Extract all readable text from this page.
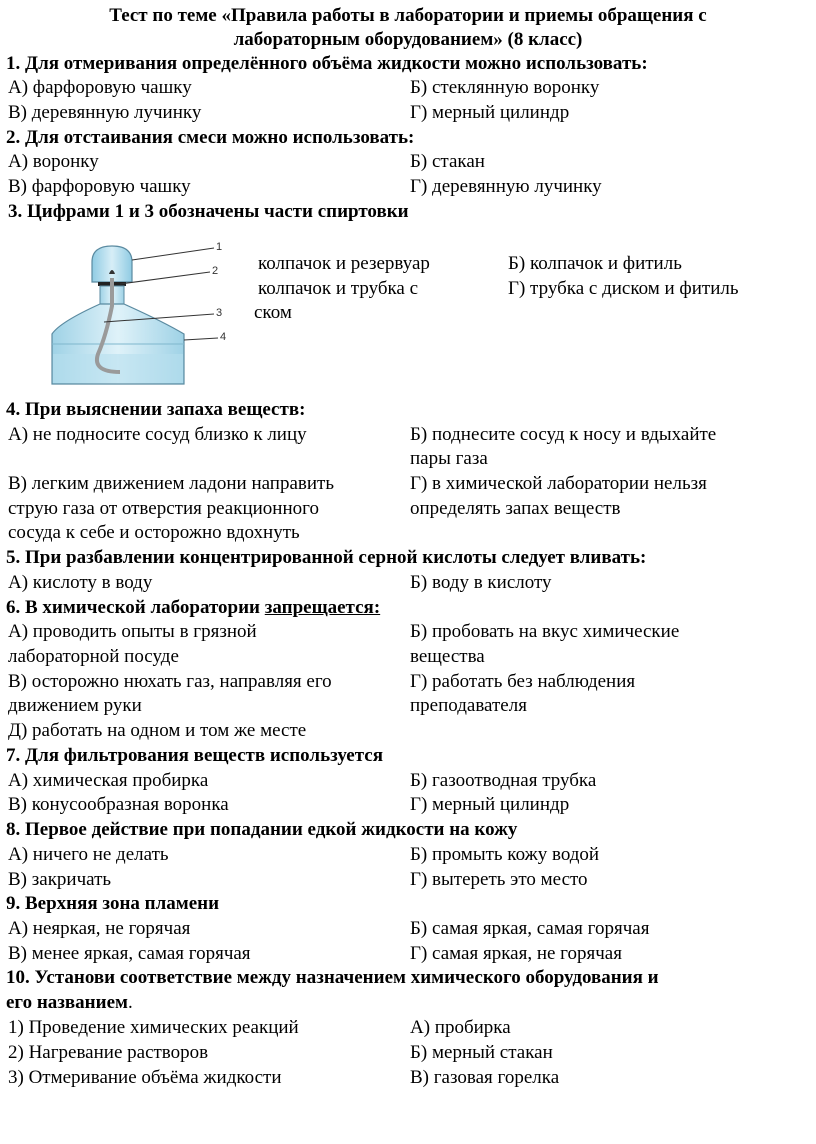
Тест по теме «Правила работы в лаборатории и приемы обращения с
лабораторным оборудованием» (8 класс)
1. Для отмеривания определённого объёма жидкости можно использовать:
А) фарфоровую чашку	Б) стеклянную воронку
В) деревянную лучинку	Г) мерный цилиндр
2. Для отстаивания смеси можно использовать:
А) воронку	Б) стакан
В) фарфоровую чашку	Г) деревянную лучинку
3. Цифрами 1 и 3 обозначены части спиртовки
1
2
3
4
колпачок и резервуар	Б) колпачок и фитиль
колпачок и трубка с	Г) трубка с диском и фитиль
ском
4. При выяснении запаха веществ:
А) не подносите сосуд близко к лицу	Б) поднесите сосуд к носу и вдыхайте
пары газа
В) легким движением ладони направить
струю газа от отверстия реакционного
сосуда к себе и осторожно вдохнуть
Г) в химической лаборатории нельзя
определять запах веществ
5. При разбавлении концентрированной серной кислоты следует вливать:
А) кислоту в воду	Б) воду в кислоту
6. В химической лаборатории запрещается:
А) проводить опыты в грязной
лабораторной посуде
Б) пробовать на вкус химические
вещества
В) осторожно нюхать газ, направляя его
движением руки
Г) работать без наблюдения
преподавателя
Д) работать на одном и том же месте
7. Для фильтрования веществ используется
А) химическая пробирка	Б) газоотводная трубка
В) конусообразная воронка	Г) мерный цилиндр
8. Первое действие при попадании едкой жидкости на кожу
А) ничего не делать	Б) промыть кожу водой
В) закричать	Г) вытереть это место
9. Верхняя зона пламени
А) неяркая, не горячая	Б) самая яркая, самая горячая
В) менее яркая, самая горячая	Г) самая яркая, не горячая
10. Установи соответствие между назначением химического оборудования и
его названием.
1) Проведение химических реакций	А) пробирка
2) Нагревание растворов	Б) мерный стакан
3) Отмеривание объёма жидкости	В) газовая горелка
